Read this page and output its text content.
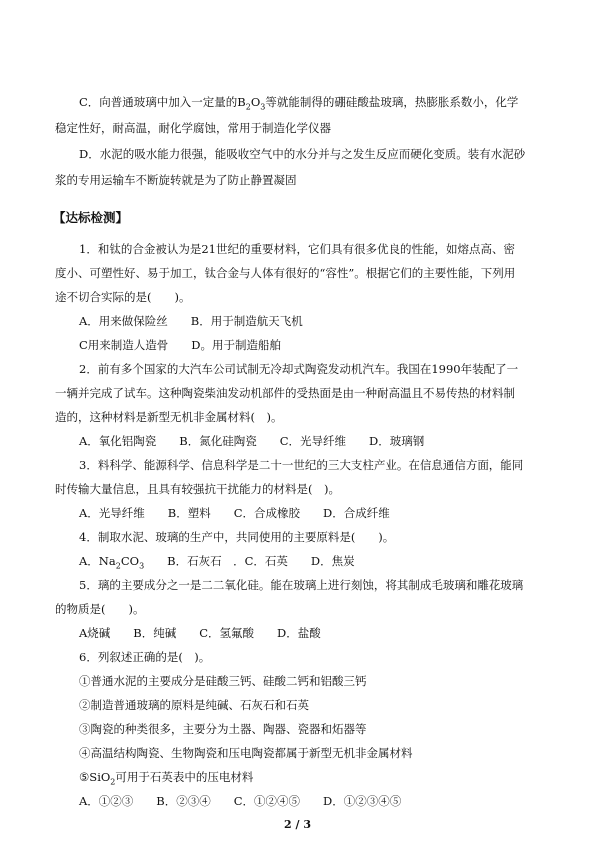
C．向普通玻璃中加入一定量的$B_2O_3$等就能制得的硼硅酸盐玻璃，热膨胀系数小，化学
稳定性好，耐高温，耐化学腐蚀，常用于制造化学仪器
D．水泥的吸水能力很强，能吸收空气中的水分并与之发生反应而硬化变质。装有水泥砂
浆的专用运输车不断旋转就是为了防止静置凝固
【达标检测】
1．和钛的合金被认为是21世纪的重要材料，它们具有很多优良的性能，如熔点高、密
度小、可塑性好、易于加工，钛合金与人体有很好的“容性”。根据它们的主要性能，下列用
途不切合实际的是(　　)。
A．用来做保险丝　　B．用于制造航天飞机
C用来制造人造骨　　D。用于制造船舶
2．前有多个国家的大汽车公司试制无冷却式陶瓷发动机汽车。我国在1990年装配了一
一辆并完成了试车。这种陶瓷柴油发动机部件的受热面是由一种耐高温且不易传热的材料制
造的，这种材料是新型无机非金属材料(　)。
A．氧化铝陶瓷　　B．氮化硅陶瓷　　C．光导纤维　　D．玻璃钢
3．料科学、能源科学、信息科学是二十一世纪的三大支柱产业。在信息通信方面，能同
时传输大量信息，且具有较强抗干扰能力的材料是(　)。
A．光导纤维　　B．塑料　　C．合成橡胶　　D．合成纤维
4．制取水泥、玻璃的生产中，共同使用的主要原料是(　　)。
A．$Na_2CO_3$　　B．石灰石　．C．石英　　D．焦炭
5．璃的主要成分之一是二二氧化硅。能在玻璃上进行刻蚀，将其制成毛玻璃和雕花玻璃
的物质是(　　)。
A烧碱　　B．纯碱　　C．氢氟酸　　D．盐酸
6．列叙述正确的是(　)。
①普通水泥的主要成分是硅酸三钙、硅酸二钙和铝酸三钙
②制造普通玻璃的原料是纯碱、石灰石和石英
③陶瓷的种类很多，主要分为土器、陶器、瓷器和炻器等
④高温结构陶瓷、生物陶瓷和压电陶瓷都属于新型无机非金属材料
⑤SiO$_2$可用于石英表中的压电材料
A．①②③　　B．②③④　　C．①②④⑤　　D．①②③④⑤
2 / 3
